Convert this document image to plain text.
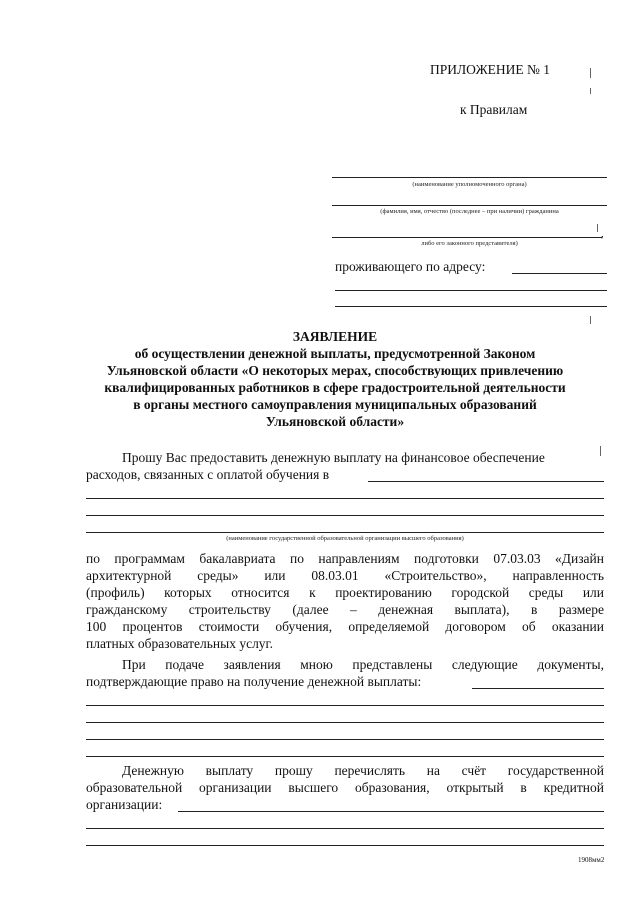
ПРИЛОЖЕНИЕ № 1
к Правилам
(наименование уполномоченного органа)
(фамилия, имя, отчество (последнее – при наличии) гражданина
,
либо его законного представителя)
проживающего по адресу:
ЗАЯВЛЕНИЕ
об осуществлении денежной выплаты, предусмотренной Законом
Ульяновской области «О некоторых мерах, способствующих привлечению
квалифицированных работников в сфере градостроительной деятельности
в органы местного самоуправления муниципальных образований
Ульяновской области»
Прошу Вас предоставить денежную выплату на финансовое обеспечение
расходов, связанных с оплатой обучения в
(наименование государственной образовательной организации высшего образования)
по программам бакалавриата по направлениям подготовки 07.03.03 «Дизайн
архитектурной среды» или 08.03.01 «Строительство», направленность
(профиль) которых относится к проектированию городской среды или
гражданскому строительству (далее – денежная выплата), в размере
100 процентов стоимости обучения, определяемой договором об оказании
платных образовательных услуг.
При подаче заявления мною представлены следующие документы,
подтверждающие право на получение денежной выплаты:
Денежную выплату прошу перечислять на счёт государственной
образовательной организации высшего образования, открытый в кредитной
организации:
1908мм2
